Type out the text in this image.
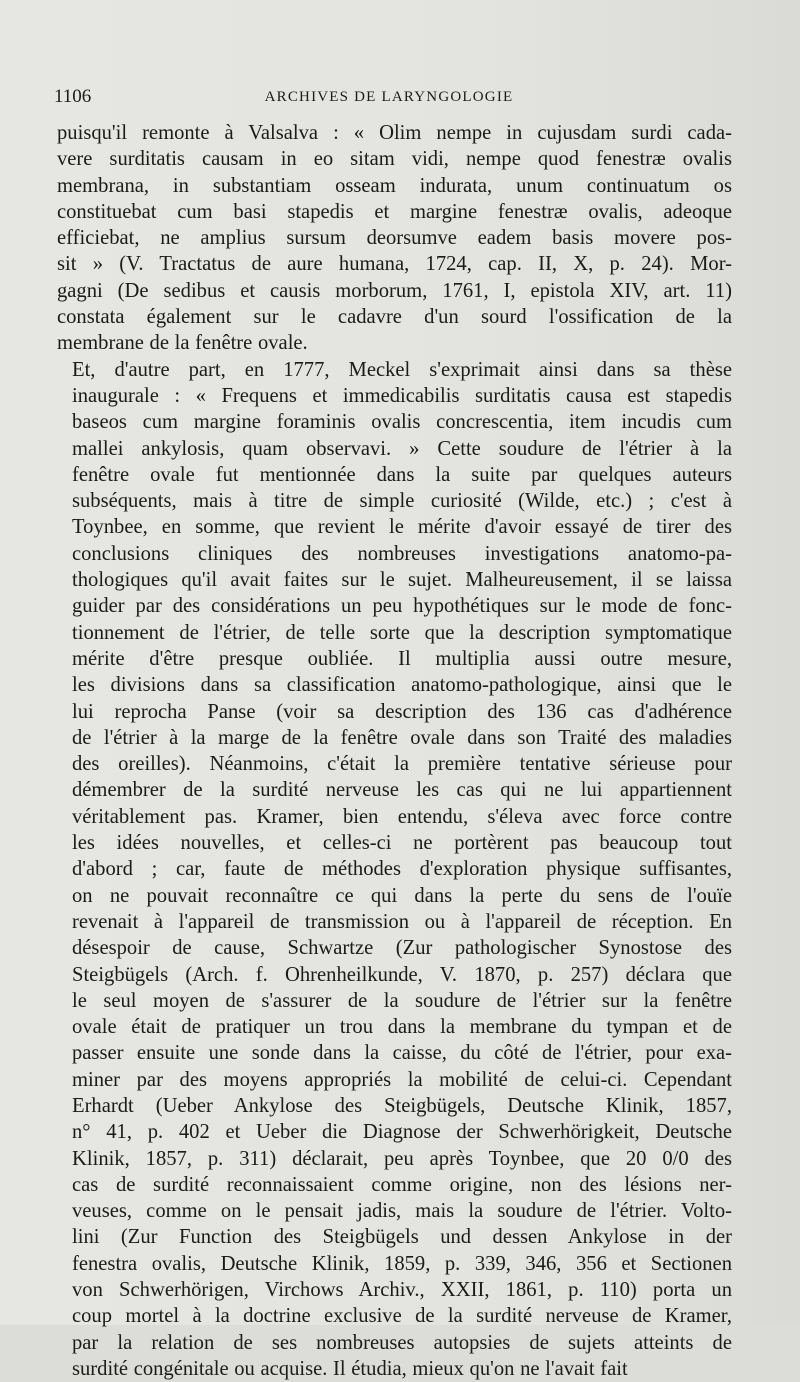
1106	ARCHIVES DE LARYNGOLOGIE

puisqu'il remonte à Valsalva : « Olim nempe in cujusdam surdi cada-
vere surditatis causam in eo sitam vidi, nempe quod fenestræ ovalis
membrana, in substantiam osseam indurata, unum continuatum os
constituebat cum basi stapedis et margine fenestræ ovalis, adeoque
efficiebat, ne amplius sursum deorsumve eadem basis movere pos-
sit » (V. Tractatus de aure humana, 1724, cap. II, X, p. 24). Mor-
gagni (De sedibus et causis morborum, 1761, I, epistola XIV, art. 11)
constata également sur le cadavre d'un sourd l'ossification de la
membrane de la fenêtre ovale.

Et, d'autre part, en 1777, Meckel s'exprimait ainsi dans sa thèse
inaugurale : « Frequens et immedicabilis surditatis causa est stapedis
baseos cum margine foraminis ovalis concrescentia, item incudis cum
mallei ankylosis, quam observavi. » Cette soudure de l'étrier à la
fenêtre ovale fut mentionnée dans la suite par quelques auteurs
subséquents, mais à titre de simple curiosité (Wilde, etc.) ; c'est à
Toynbee, en somme, que revient le mérite d'avoir essayé de tirer des
conclusions cliniques des nombreuses investigations anatomo-pa-
thologiques qu'il avait faites sur le sujet. Malheureusement, il se laissa
guider par des considérations un peu hypothétiques sur le mode de fonc-
tionnement de l'étrier, de telle sorte que la description symptomatique
mérite d'être presque oubliée. Il multiplia aussi outre mesure,
les divisions dans sa classification anatomo-pathologique, ainsi que le
lui reprocha Panse (voir sa description des 136 cas d'adhérence
de l'étrier à la marge de la fenêtre ovale dans son Traité des maladies
des oreilles). Néanmoins, c'était la première tentative sérieuse pour
démembrer de la surdité nerveuse les cas qui ne lui appartiennent
véritablement pas. Kramer, bien entendu, s'éleva avec force contre
les idées nouvelles, et celles-ci ne portèrent pas beaucoup tout
d'abord ; car, faute de méthodes d'exploration physique suffisantes,
on ne pouvait reconnaître ce qui dans la perte du sens de l'ouïe
revenait à l'appareil de transmission ou à l'appareil de réception. En
désespoir de cause, Schwartze (Zur pathologischer Synostose des
Steigbügels (Arch. f. Ohrenheilkunde, V. 1870, p. 257) déclara que
le seul moyen de s'assurer de la soudure de l'étrier sur la fenêtre
ovale était de pratiquer un trou dans la membrane du tympan et de
passer ensuite une sonde dans la caisse, du côté de l'étrier, pour exa-
miner par des moyens appropriés la mobilité de celui-ci. Cependant
Erhardt (Ueber Ankylose des Steigbügels, Deutsche Klinik, 1857,
n° 41, p. 402 et Ueber die Diagnose der Schwerhörigkeit, Deutsche
Klinik, 1857, p. 311) déclarait, peu après Toynbee, que 20 0/0 des
cas de surdité reconnaissaient comme origine, non des lésions ner-
veuses, comme on le pensait jadis, mais la soudure de l'étrier. Volto-
lini (Zur Function des Steigbügels und dessen Ankylose in der
fenestra ovalis, Deutsche Klinik, 1859, p. 339, 346, 356 et Sectionen
von Schwerhörigen, Virchows Archiv., XXII, 1861, p. 110) porta un
coup mortel à la doctrine exclusive de la surdité nerveuse de Kramer,
par la relation de ses nombreuses autopsies de sujets atteints de
surdité congénitale ou acquise. Il étudia, mieux qu'on ne l'avait fait
